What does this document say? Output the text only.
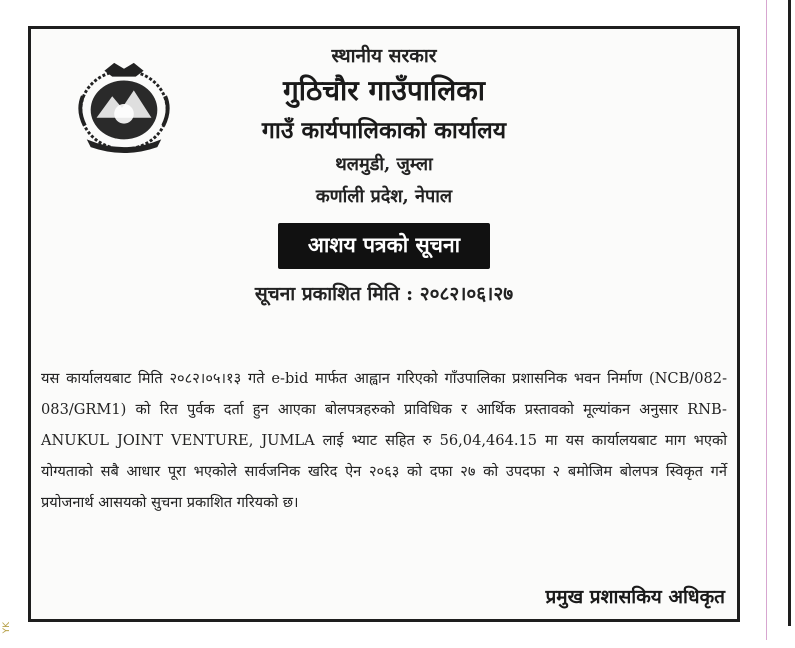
YK
स्थानीय सरकार
गुठिचौर गाउँपालिका
गाउँ कार्यपालिकाको कार्यालय
थलमुडी, जुम्ला
कर्णाली प्रदेश, नेपाल
आशय पत्रको सूचना
सूचना प्रकाशित मिति : २०८२।०६।२७
यस कार्यालयबाट मिति २०८२।०५।१३ गते e-bid मार्फत आह्वान गरिएको गाँउपालिका प्रशासनिक भवन निर्माण (NCB/082-083/GRM1) को रित पुर्वक दर्ता हुन आएका बोलपत्रहरुको प्राविधिक र आर्थिक प्रस्तावको मूल्यांकन अनुसार RNB-ANUKUL JOINT VENTURE, JUMLA लाई भ्याट सहित रु 56,04,464.15 मा यस कार्यालयबाट माग भएको योग्यताको सबै आधार पूरा भएकोले सार्वजनिक खरिद ऐन २०६३ को दफा २७ को उपदफा २ बमोजिम बोलपत्र स्विकृत गर्ने प्रयोजनार्थ आसयको सुचना प्रकाशित गरियको छ।
प्रमुख प्रशासकिय अधिकृत
